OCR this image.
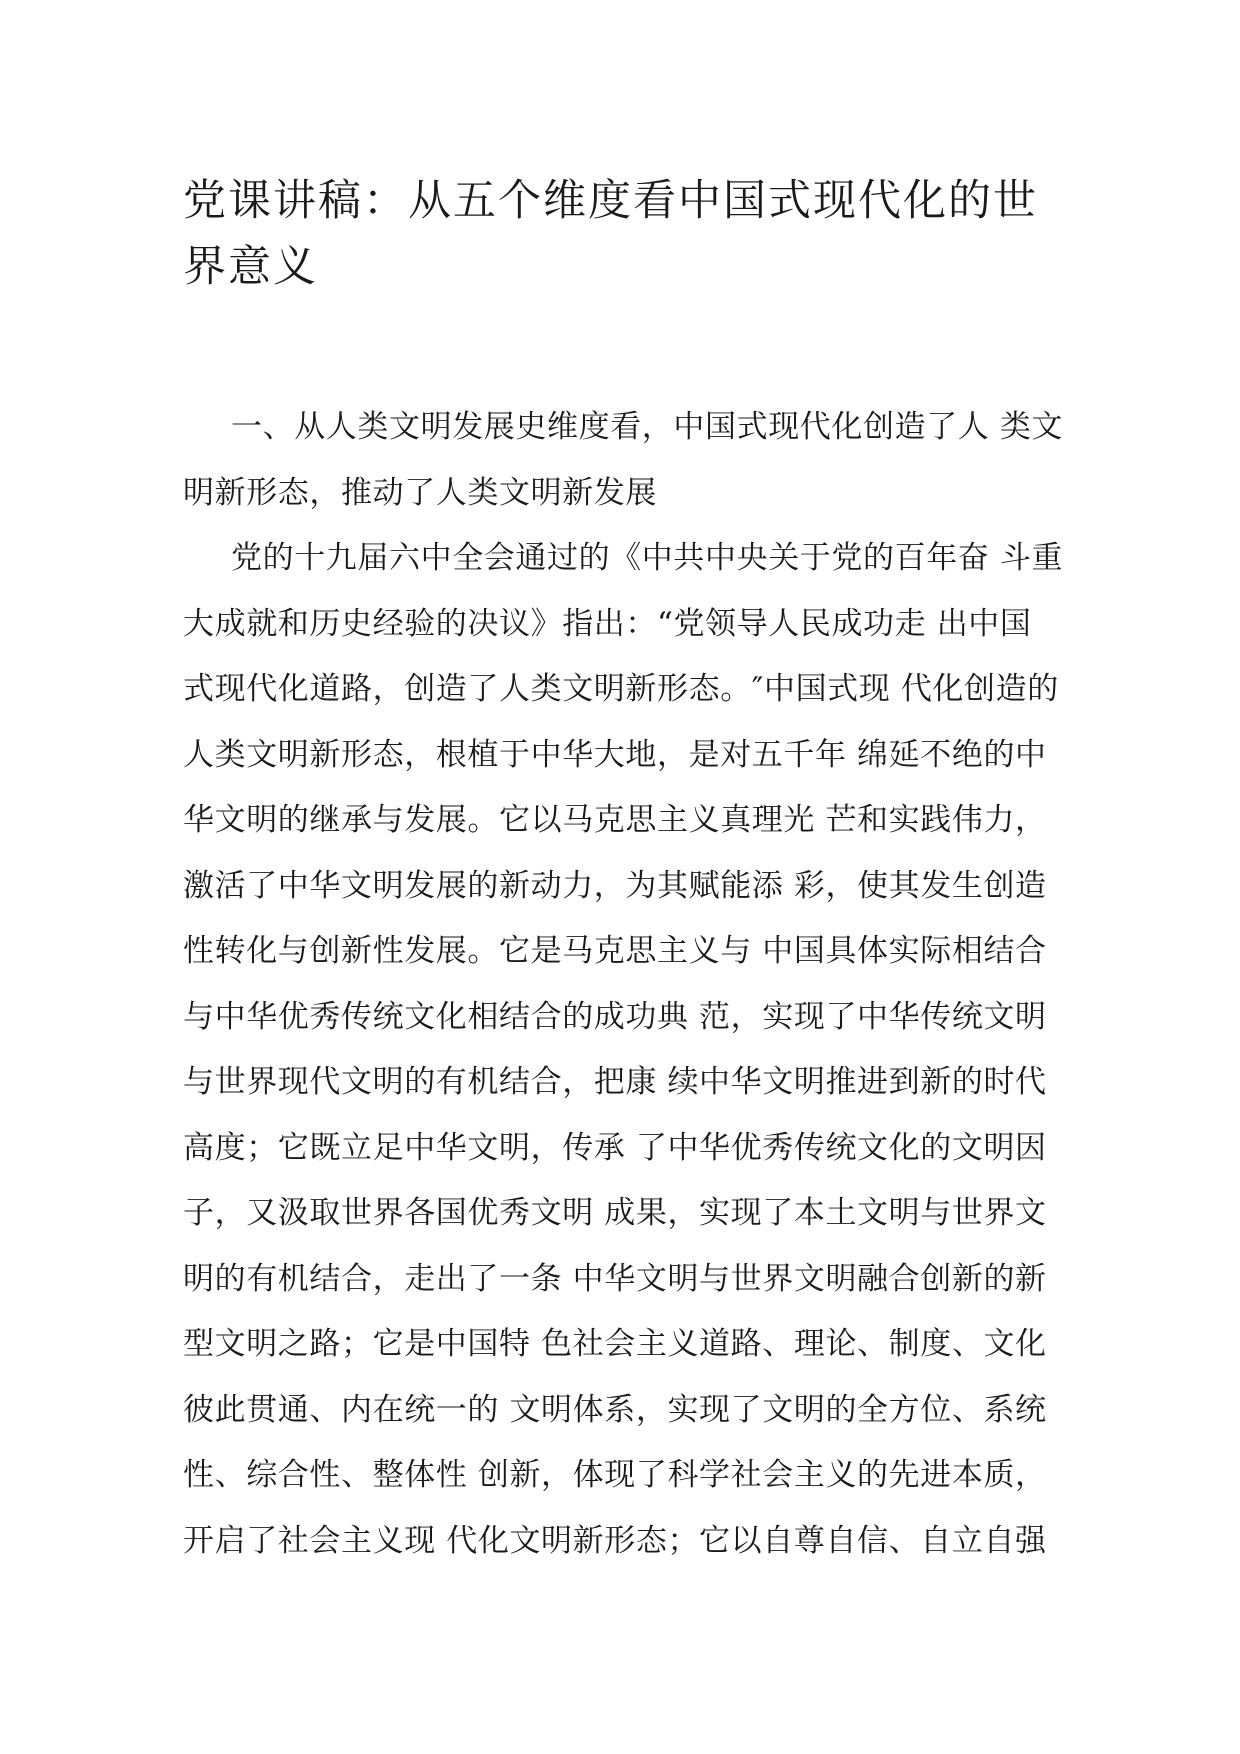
党课讲稿：从五个维度看中国式现代化的世
界意义
一、从人类文明发展史维度看，中国式现代化创造了人 类文
明新形态，推动了人类文明新发展
党的十九届六中全会通过的《中共中央关于党的百年奋 斗重
大成就和历史经验的决议》指出：“党领导人民成功走 出中国
式现代化道路，创造了人类文明新形态。″中国式现 代化创造的
人类文明新形态，根植于中华大地，是对五千年 绵延不绝的中
华文明的继承与发展。它以马克思主义真理光 芒和实践伟力，
激活了中华文明发展的新动力，为其赋能添 彩，使其发生创造
性转化与创新性发展。它是马克思主义与 中国具体实际相结合
与中华优秀传统文化相结合的成功典 范，实现了中华传统文明
与世界现代文明的有机结合，把康 续中华文明推进到新的时代
高度；它既立足中华文明，传承 了中华优秀传统文化的文明因
子，又汲取世界各国优秀文明 成果，实现了本土文明与世界文
明的有机结合，走出了一条 中华文明与世界文明融合创新的新
型文明之路；它是中国特 色社会主义道路、理论、制度、文化
彼此贯通、内在统一的 文明体系，实现了文明的全方位、系统
性、综合性、整体性 创新，体现了科学社会主义的先进本质，
开启了社会主义现 代化文明新形态；它以自尊自信、自立自强
